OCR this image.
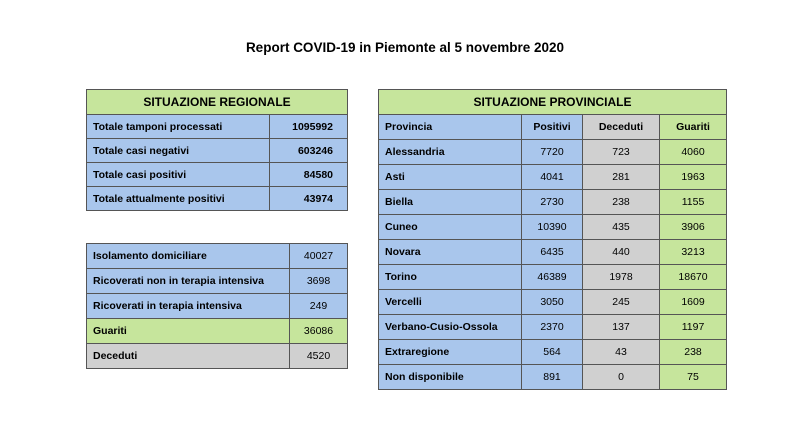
Report COVID-19 in Piemonte al 5 novembre 2020
SITUAZIONE REGIONALE	
Totale tamponi processati	1095992
Totale casi negativi	603246
Totale casi positivi	84580
Totale attualmente positivi	43974
Isolamento domiciliare	40027
Ricoverati non in terapia intensiva	3698
Ricoverati in terapia intensiva	249
Guariti	36086
Deceduti	4520
SITUAZIONE PROVINCIALE			
Provincia	Positivi	Deceduti	Guariti
Alessandria	7720	723	4060
Asti	4041	281	1963
Biella	2730	238	1155
Cuneo	10390	435	3906
Novara	6435	440	3213
Torino	46389	1978	18670
Vercelli	3050	245	1609
Verbano-Cusio-Ossola	2370	137	1197
Extraregione	564	43	238
Non disponibile	891	0	75
